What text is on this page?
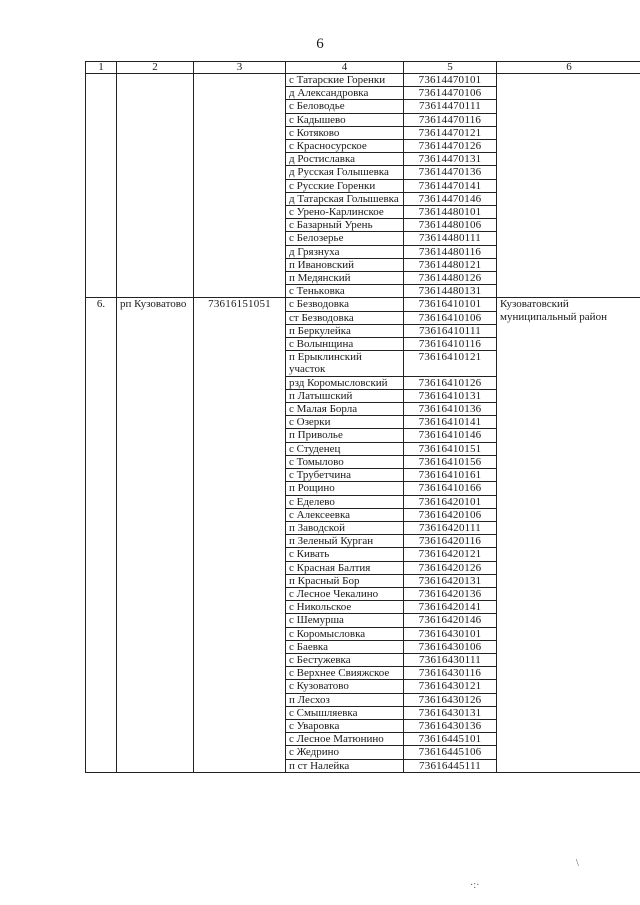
6
1	2	3	4	5	6
			с Татарские Горенки	73614470101	
			д Александровка	73614470106	
			с Беловодье	73614470111	
			с Кадышево	73614470116	
			с Котяково	73614470121	
			с Красносурское	73614470126	
			д Ростиславка	73614470131	
			д Русская Голышевка	73614470136	
			с Русские Горенки	73614470141	
			д Татарская Голышевка	73614470146	
			с Урено-Карлинское	73614480101	
			с Базарный Урень	73614480106	
			с Белозерье	73614480111	
			д Грязнуха	73614480116	
			п Ивановский	73614480121	
			п Медянский	73614480126	
			с Тенькoвка	73614480131	
6.	рп Кузоватово	73616151051	с Безводовка	73616410101	Кузоватовский муниципальный район
			ст Безводовка	73616410106	
			п Беркулейка	73616410111	
			с Волынщина	73616410116	
			п Ерыклинский участок	73616410121	
			рзд Коромысловский	73616410126	
			п Латышский	73616410131	
			с Малая Борла	73616410136	
			с Озерки	73616410141	
			п Приволье	73616410146	
			с Студенец	73616410151	
			с Томылово	73616410156	
			с Трубетчина	73616410161	
			п Рощино	73616410166	
			с Еделево	73616420101	
			с Алексеевка	73616420106	
			п Заводской	73616420111	
			п Зеленый Курган	73616420116	
			с Кивать	73616420121	
			с Красная Балтия	73616420126	
			п Красный Бор	73616420131	
			с Лесное Чекалино	73616420136	
			с Никольское	73616420141	
			с Шемурша	73616420146	
			с Коромысловка	73616430101	
			с Баевка	73616430106	
			с Бестужевка	73616430111	
			с Верхнее Свияжское	73616430116	
			с Кузоватово	73616430121	
			п Лесхоз	73616430126	
			с Смышляевка	73616430131	
			с Уваровка	73616430136	
			с Лесное Матюнино	73616445101	
			с Жедрино	73616445106	
			п ст Налейка	73616445111	
\
·:·
